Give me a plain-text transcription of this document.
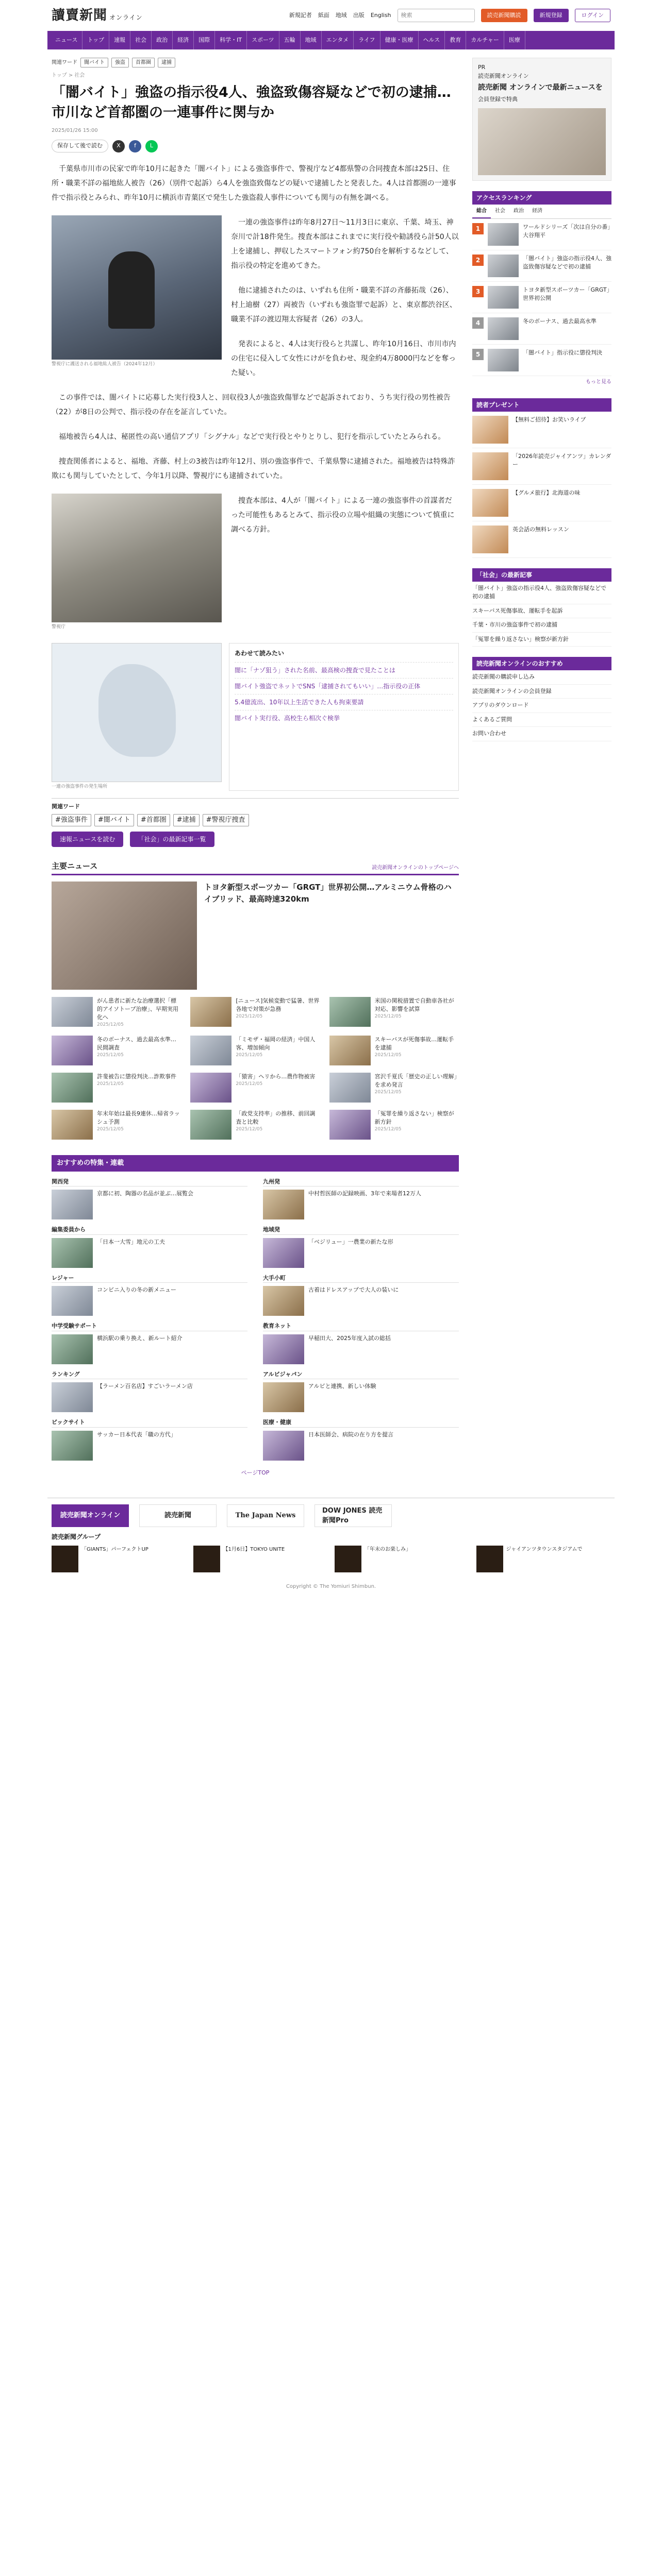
讀賣新聞 オンライン	新規記者 紙面 地域 出版 English
検索	読売新聞購読	新規登録	ログイン
ニュース	トップ	速報	社会	政治	経済	国際	科学・IT	スポーツ	五輪	地域	エンタメ	ライフ	健康・医療	ヘルス	教育	カルチャー	医療
関連ワード	闇バイト	強盗	首都圏	逮捕
トップ > 社会
「闇バイト」強盗の指示役4人、強盗致傷容疑などで初の逮捕…市川など首都圏の一連事件に関与か
2025/01/26 15:00
保存して後で読む	X	f	L

千葉県市川市の民家で昨年10月に起きた「闇バイト」による強盗事件で、警視庁など4都県警の合同捜査本部は25日、住所・職業不詳の福地紘人被告（26）（別件で起訴）ら4人を強盗致傷などの疑いで逮捕したと発表した。4人は首都圏の一連事件で指示役とみられ、昨年10月に横浜市青葉区で発生した強盗殺人事件についても関与の有無を調べる。

警視庁に護送される福地紘人被告（2024年12月）

一連の強盗事件は昨年8月27日～11月3日に東京、千葉、埼玉、神奈川で計18件発生。捜査本部はこれまでに実行役や勧誘役ら計50人以上を逮捕し、押収したスマートフォン約750台を解析するなどして、指示役の特定を進めてきた。

他に逮捕されたのは、いずれも住所・職業不詳の斉藤拓哉（26）、村上迪樹（27）両被告（いずれも強盗罪で起訴）と、東京都渋谷区、職業不詳の渡辺翔太容疑者（26）の3人。

発表によると、4人は実行役らと共謀し、昨年10月16日、市川市内の住宅に侵入して女性にけがを負わせ、現金約4万8000円などを奪った疑い。

この事件では、闇バイトに応募した実行役3人と、回収役3人が強盗致傷罪などで起訴されており、うち実行役の男性被告（22）が8日の公判で、指示役の存在を証言していた。

福地被告ら4人は、秘匿性の高い通信アプリ「シグナル」などで実行役とやりとりし、犯行を指示していたとみられる。

捜査関係者によると、福地、斉藤、村上の3被告は昨年12月、別の強盗事件で、千葉県警に逮捕された。福地被告は特殊詐欺にも関与していたとして、今年1月以降、警視庁にも逮捕されていた。

警視庁

捜査本部は、4人が「闇バイト」による一連の強盗事件の首謀者だった可能性もあるとみて、指示役の立場や組織の実態について慎重に調べる方針。

一連の強盗事件の発生場所
あわせて読みたい
闇に「ナゾ狙う」された名前、最高検の捜査で見たことは
闇バイト強盗でネットでSNS「逮捕されてもいい」…指示役の正体
5.4億流出、10年以上生活できた人も拘束要請
闇バイト実行役、高校生ら相次ぐ検挙
関連ワード
#強盗事件	#闇バイト	#首都圏	#逮捕	#警視庁捜査
速報ニュースを読む	「社会」の最新記事一覧
主要ニュース	読売新聞オンラインのトップページへ
トヨタ新型スポーツカー「GRGT」世界初公開…アルミニウム骨格のハイブリッド、最高時速320km
がん患者に新たな治療選択「標的アイソトープ治療」、早期実用化へ
2025/12/05
[ニュース]気候変動で猛暑、世界各地で対策が急務
2025/12/05
米国の関税措置で自動車各社が対応、影響を試算
2025/12/05
冬のボーナス、過去最高水準…民間調査
2025/12/05
「ミモザ・福岡の経済」中国人客、増加傾向
2025/12/05
スキーバスが死傷事故…運転手を逮捕
2025/12/05
許斐被告に懲役判決…詐欺事件
2025/12/05
「猿害」ヘリから…農作物被害
2025/12/05
宮沢千夏氏「歴史の正しい理解」を求め発言
2025/12/05
年末年始は最長9連休…帰省ラッシュ予測
2025/12/05
「政党支持率」の推移、前回調査と比較
2025/12/05
「冤罪を繰り返さない」検察が新方針
2025/12/05
おすすめの特集・連載
関西発
京都に初、陶器の名品が並ぶ…展覧会
九州発
中村哲医師の記録映画、3年で来場者12万人
編集委員から
「日本一大雪」地元の工夫
地域発
「ベジリュー」一農業の新たな形
レジャー
コンビニ入りの冬の新メニュー
大手小町
古着はドレスアップで大人の装いに
中学受験サポート
横浜駅の乗り換え、新ルート紹介
教育ネット
早稲田大、2025年度入試の総括
ランキング
【ラーメン百名店】すごいラーメン店
アルビジャパン
アルビと連携、新しい体験
ビックサイト
サッカー日本代表「職の方代」
医療・健康
日本医師会、病院の在り方を提言
ページTOP
PR
読売新聞オンライン
読売新聞 オンラインで最新ニュースを
会員登録で特典
アクセスランキング
総合	社会	政治	経済
1	ワールドシリーズ「次は自分の番」大谷翔平
2	「闇バイト」強盗の指示役4人、強盗致傷容疑などで初の逮捕
3	トヨタ新型スポーツカー「GRGT」世界初公開
4	冬のボーナス、過去最高水準
5	「闇バイト」指示役に懲役判決
もっと見る
読者プレゼント
【無料ご招待】お笑いライブ
「2026年読売ジャイアンツ」カレンダー
【グルメ旅行】北海道の味
英会話の無料レッスン
「社会」の最新記事
「闇バイト」強盗の指示役4人、強盗致傷容疑などで初の逮捕
スキーバス死傷事故、運転手を起訴
千葉・市川の強盗事件で初の逮捕
「冤罪を繰り返さない」検察が新方針
読売新聞オンラインのおすすめ
読売新聞の購読申し込み
読売新聞オンラインの会員登録
アプリのダウンロード
よくあるご質問
お問い合わせ
読売新聞オンライン	読売新聞	The Japan News
DOW JONES 読売新聞Pro
読売新聞グループ
「GIANTS」パーフェクトUP	【1月6日】TOKYO UNITE	「年末のお楽しみ」	ジャイアンツタウンスタジアムで
Copyright © The Yomiuri Shimbun.
